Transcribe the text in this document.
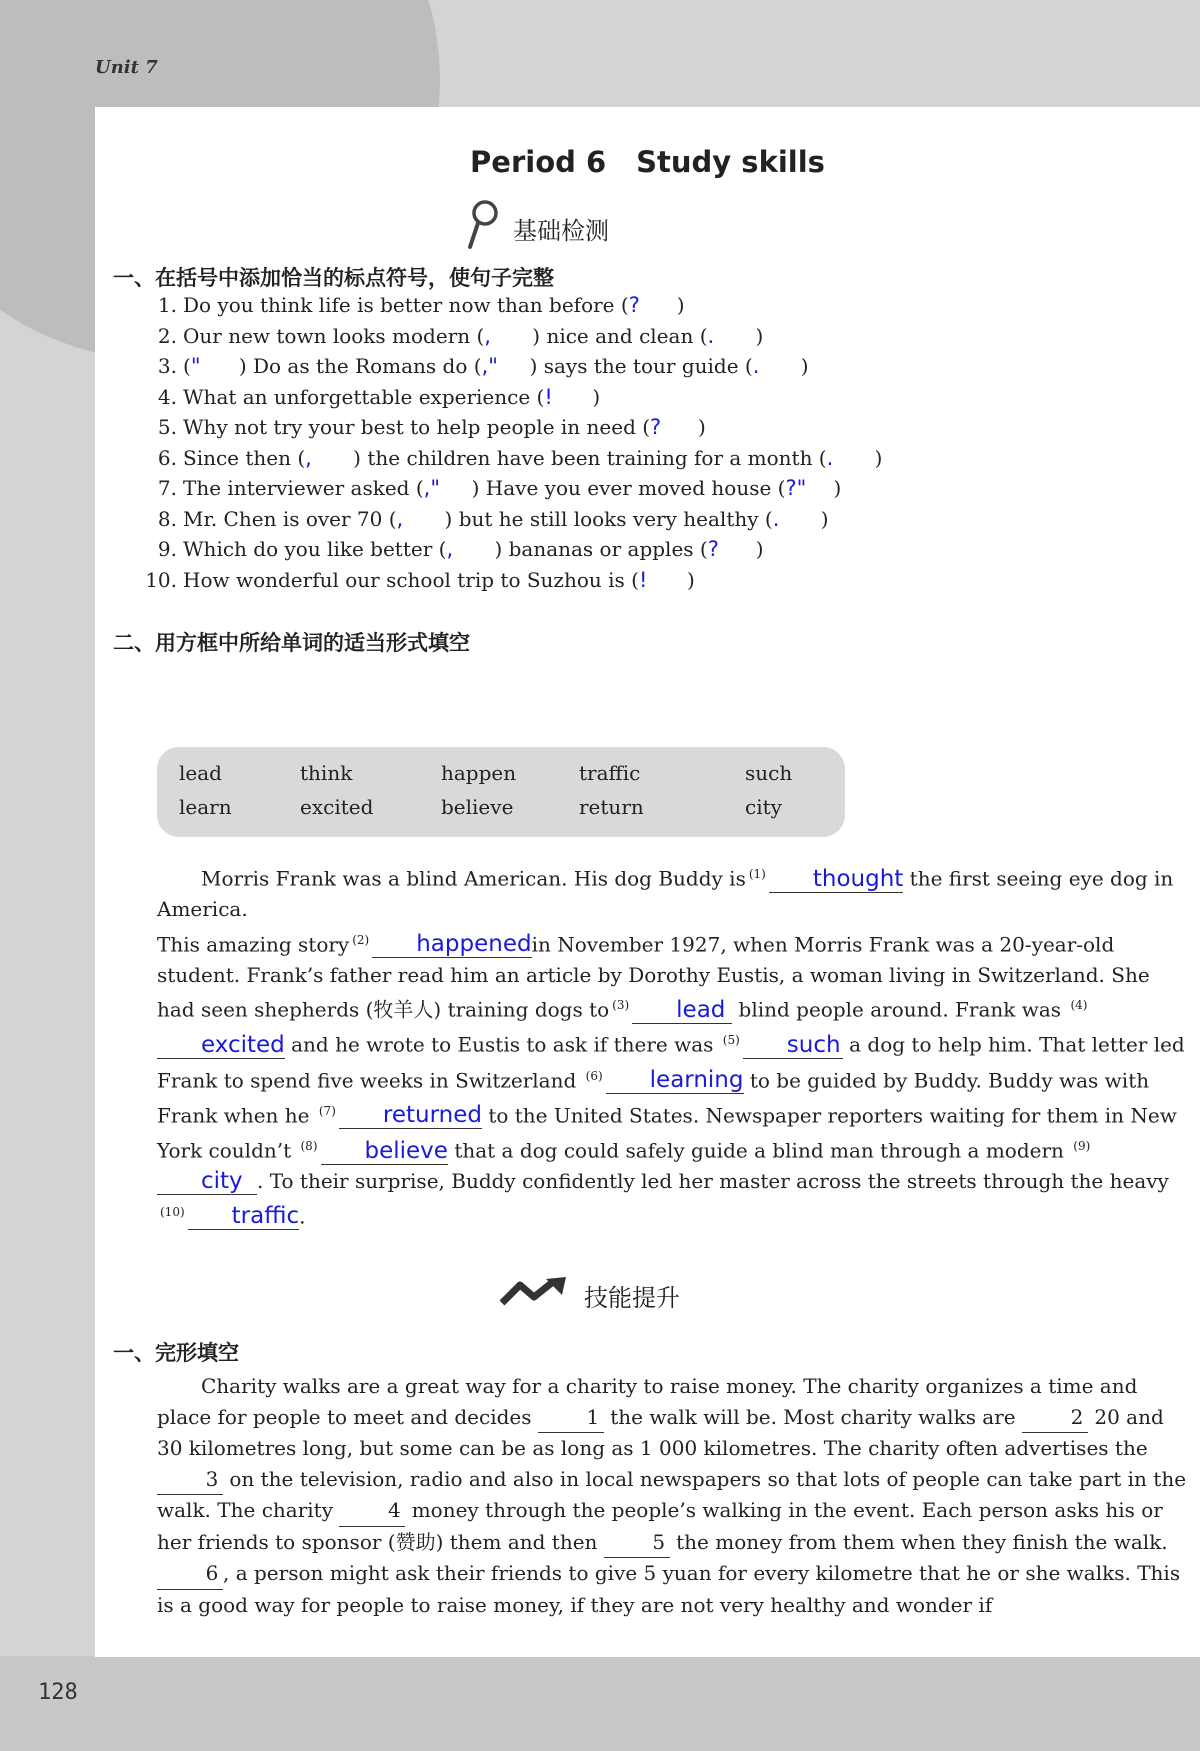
Unit 7
128
Period 6 Study skills
基础检测
一、在括号中添加恰当的标点符号，使句子完整
1. Do you think life is better now than before (? )
2. Our new town looks modern (, ) nice and clean (. )
3. (" ) Do as the Romans do (," ) says the tour guide (. )
4. What an unforgettable experience (! )
5. Why not try your best to help people in need (? )
6. Since then (, ) the children have been training for a month (. )
7. The interviewer asked (," ) Have you ever moved house (?" )
8. Mr. Chen is over 70 (, ) but he still looks very healthy (. )
9. Which do you like better (, ) bananas or apples (? )
10. How wonderful our school trip to Suzhou is (! )
二、用方框中所给单词的适当形式填空
lead	think	happen	traffic	such
learn	excited	believe	return	city
Morris Frank was a blind American. His dog Buddy is $^{(1)}$ thought the first seeing eye dog in America.
This amazing story $^{(2)}$ happenedin November 1927, when Morris Frank was a 20-year-old student. Frank’s father read him an article by Dorothy Eustis, a woman living in Switzerland. She had seen shepherds (牧羊人) training dogs to $^{(3)}$ lead blind people around. Frank was $^{(4)}$excited and he wrote to Eustis to ask if there was $^{(5)}$ such a dog to help him. That letter led Frank to spend five weeks in Switzerland $^{(6)}$ learning to be guided by Buddy. Buddy was with Frank when he $^{(7)}$ returned to the United States. Newspaper reporters waiting for them in New York couldn’t $^{(8)}$ believe that a dog could safely guide a blind man through a modern $^{(9)}$city . To their surprise, Buddy confidently led her master across the streets through the heavy $^{(10)}$ traffic.
技能提升
一、完形填空
Charity walks are a great way for a charity to raise money. The charity organizes a time and place for people to meet and decides	1 the walk will be. Most charity walks are	2 20 and 30 kilometres long, but some can be as long as 1 000 kilometres. The charity often advertises the 3 on the television, radio and also in local newspapers so that lots of people can take part in the walk. The charity	4 money through the people’s walking in the event. Each person asks his or her friends to sponsor (赞助) them and then	5 the money from them when they finish the walk. 6 , a person might ask their friends to give 5 yuan for every kilometre that he or she walks. This is a good way for people to raise money, if they are not very healthy and wonder if
